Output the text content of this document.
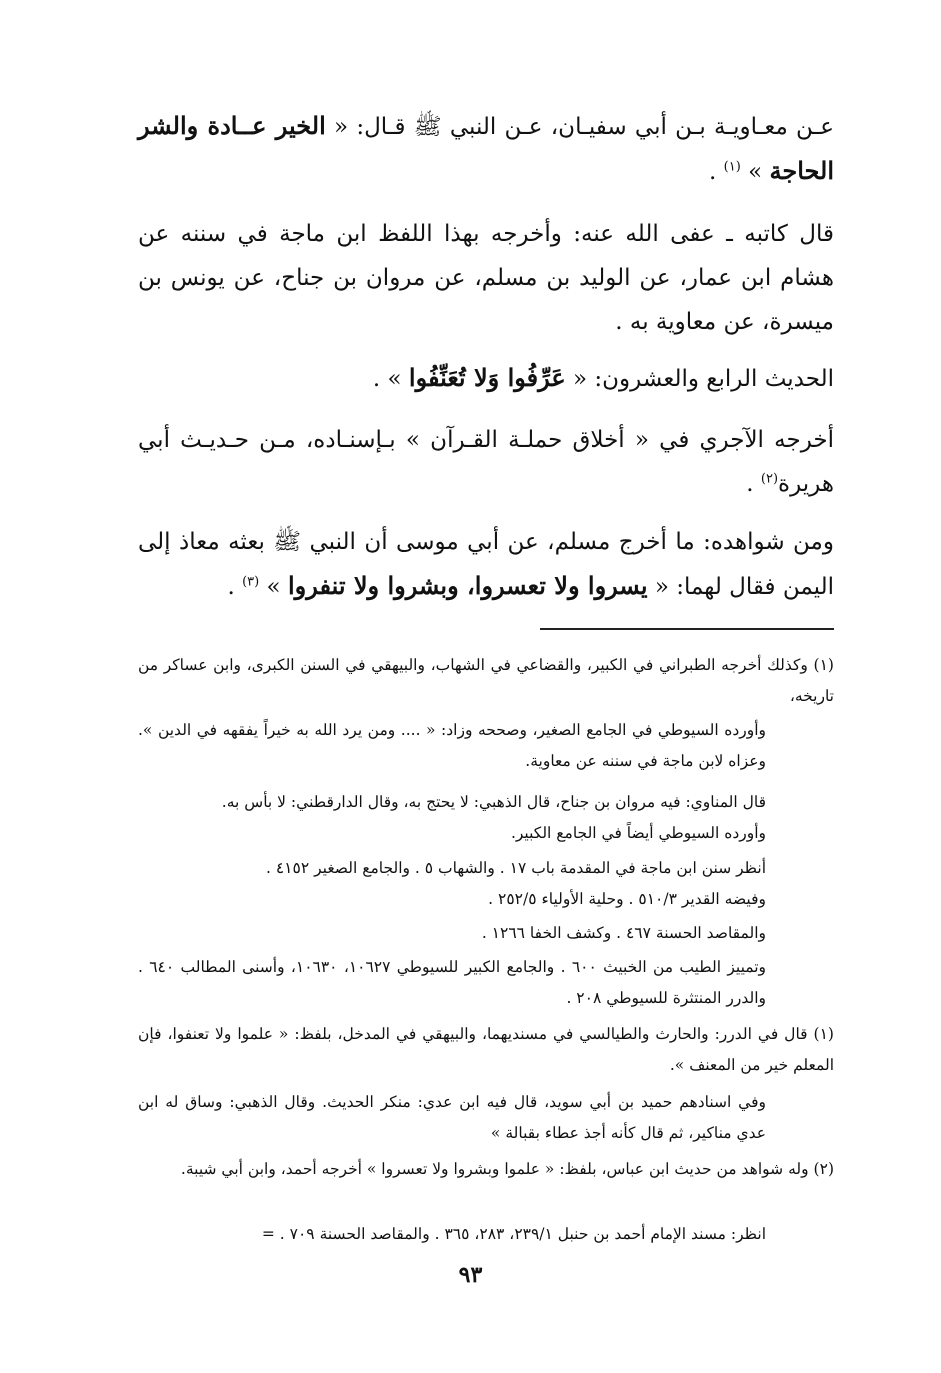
عـن معـاويـة بـن أبي سفيـان، عـن النبي ﷺ قـال: « الخير عــادة والشر الحاجة » $^{(١)}$ .
قال كاتبه ـ عفى الله عنه: وأخرجه بهذا اللفظ ابن ماجة في سننه عن هشام ابن عمار، عن الوليد بن مسلم، عن مروان بن جناح، عن يونس بن ميسرة، عن معاوية به .
الحديث الرابع والعشرون: « عَرِّفُوا وَلا تُعَنِّفُوا » .
أخرجه الآجري في « أخلاق حملـة القـرآن » بـإسنـاده، مـن حـديـث أبي هريرة$^{(٢)}$ .
ومن شواهده: ما أخرج مسلم، عن أبي موسى أن النبي ﷺ بعثه معاذ إلى اليمن فقال لهما: « يسروا ولا تعسروا، وبشروا ولا تنفروا » $^{(٣)}$ .
(١) وكذلك أخرجه الطبراني في الكبير، والقضاعي في الشهاب، والبيهقي في السنن الكبرى، وابن عساكر من تاريخه،
وأورده السيوطي في الجامع الصغير، وصححه وزاد: « .... ومن يرد الله به خيراً يفقهه في الدين ». وعزاه لابن ماجة في سننه عن معاوية.
قال المناوي: فيه مروان بن جناح، قال الذهبي: لا يحتج به، وقال الدارقطني: لا بأس به.
وأورده السيوطي أيضاً في الجامع الكبير.
أنظر سنن ابن ماجة في المقدمة باب ١٧ . والشهاب ٥ . والجامع الصغير ٤١٥٢ .
وفيضه القدير ٥١٠/٣ . وحلية الأولياء ٢٥٢/٥ .
والمقاصد الحسنة ٤٦٧ . وكشف الخفا ١٢٦٦ .
وتمييز الطيب من الخبيث ٦٠٠ . والجامع الكبير للسيوطي ١٠٦٢٧، ١٠٦٣٠، وأسنى المطالب ٦٤٠ . والدرر المنتثرة للسيوطي ٢٠٨ .
(١) قال في الدرر: والحارث والطيالسي في مسنديهما، والبيهقي في المدخل، بلفظ: « علموا ولا تعنفوا، فإن المعلم خير من المعنف ».
وفي اسنادهم حميد بن أبي سويد، قال فيه ابن عدي: منكر الحديث. وقال الذهبي: وساق له ابن عدي مناكير، ثم قال كأنه أجذ عطاء بقبالة »
(٢) وله شواهد من حديث ابن عباس، بلفظ: « علموا وبشروا ولا تعسروا » أخرجه أحمد، وابن أبي شيبة.
انظر: مسند الإمام أحمد بن حنبل ٢٣٩/١، ٢٨٣، ٣٦٥ . والمقاصد الحسنة ٧٠٩ . =
٩٣
